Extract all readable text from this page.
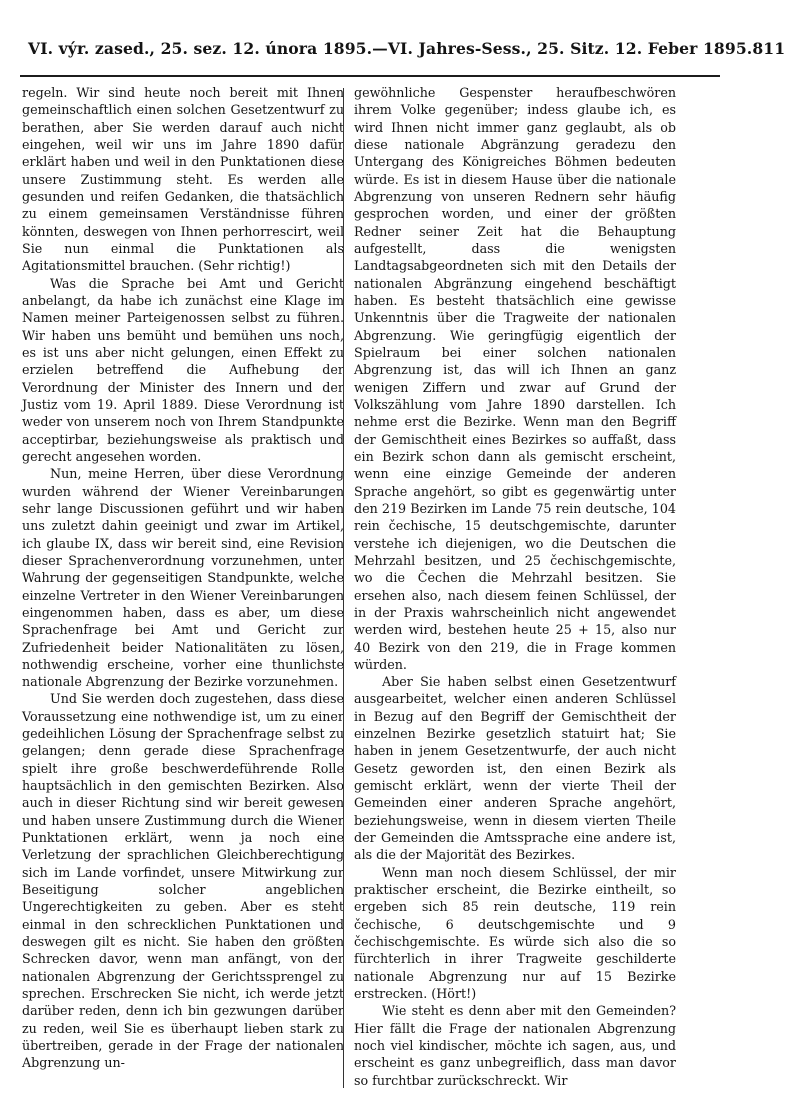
VI. výr. zased., 25. sez. 12. února 1895. — VI. Jahres-Sess., 25. Sitz. 12. Feber 1895. 811

regeln. Wir sind heute noch bereit mit Ihnen gemeinschaftlich einen solchen Gesetzentwurf zu berathen, aber Sie werden darauf auch nicht eingehen, weil wir uns im Jahre 1890 dafür erklärt haben und weil in den Punktationen diese unsere Zustimmung steht. Es werden alle gesunden und reifen Gedanken, die thatsächlich zu einem gemeinsamen Verständnisse führen könnten, deswegen von Ihnen perhorrescirt, weil Sie nun einmal die Punktationen als Agitationsmittel brauchen. (Sehr richtig!)

Was die Sprache bei Amt und Gericht anbelangt, da habe ich zunächst eine Klage im Namen meiner Parteigenossen selbst zu führen. Wir haben uns bemüht und bemühen uns noch, es ist uns aber nicht gelungen, einen Effekt zu erzielen betreffend die Aufhebung der Verordnung der Minister des Innern und der Justiz vom 19. April 1889. Diese Verordnung ist weder von unserem noch von Ihrem Standpunkte acceptirbar, beziehungsweise als praktisch und gerecht angesehen worden.

Nun, meine Herren, über diese Verordnung wurden während der Wiener Vereinbarungen sehr lange Discussionen geführt und wir haben uns zuletzt dahin geeinigt und zwar im Artikel, ich glaube IX, dass wir bereit sind, eine Revision dieser Sprachenverordnung vorzunehmen, unter Wahrung der gegenseitigen Standpunkte, welche einzelne Vertreter in den Wiener Vereinbarungen eingenommen haben, dass es aber, um diese Sprachenfrage bei Amt und Gericht zur Zufriedenheit beider Nationalitäten zu lösen, nothwendig erscheine, vorher eine thunlichste nationale Abgrenzung der Bezirke vorzunehmen.

Und Sie werden doch zugestehen, dass diese Voraussetzung eine nothwendige ist, um zu einer gedeihlichen Lösung der Sprachenfrage selbst zu gelangen; denn gerade diese Sprachenfrage spielt ihre große beschwerdeführende Rolle hauptsächlich in den gemischten Bezirken. Also auch in dieser Richtung sind wir bereit gewesen und haben unsere Zustimmung durch die Wiener Punktationen erklärt, wenn ja noch eine Verletzung der sprachlichen Gleichberechtigung sich im Lande vorfindet, unsere Mitwirkung zur Beseitigung solcher angeblichen Ungerechtigkeiten zu geben. Aber es steht einmal in den schrecklichen Punktationen und deswegen gilt es nicht. Sie haben den größten Schrecken davor, wenn man anfängt, von der nationalen Abgrenzung der Gerichtssprengel zu sprechen. Erschrecken Sie nicht, ich werde jetzt darüber reden, denn ich bin gezwungen darüber zu reden, weil Sie es überhaupt lieben stark zu übertreiben, gerade in der Frage der nationalen Abgrenzung un-

gewöhnliche Gespenster heraufbeschwören ihrem Volke gegenüber; indess glaube ich, es wird Ihnen nicht immer ganz geglaubt, als ob diese nationale Abgränzung geradezu den Untergang des Königreiches Böhmen bedeuten würde. Es ist in diesem Hause über die nationale Abgrenzung von unseren Rednern sehr häufig gesprochen worden, und einer der größten Redner seiner Zeit hat die Behauptung aufgestellt, dass die wenigsten Landtagsabgeordneten sich mit den Details der nationalen Abgränzung eingehend beschäftigt haben. Es besteht thatsächlich eine gewisse Unkenntnis über die Tragweite der nationalen Abgrenzung. Wie geringfügig eigentlich der Spielraum bei einer solchen nationalen Abgrenzung ist, das will ich Ihnen an ganz wenigen Ziffern und zwar auf Grund der Volkszählung vom Jahre 1890 darstellen. Ich nehme erst die Bezirke. Wenn man den Begriff der Gemischtheit eines Bezirkes so auffaßt, dass ein Bezirk schon dann als gemischt erscheint, wenn eine einzige Gemeinde der anderen Sprache angehört, so gibt es gegenwärtig unter den 219 Bezirken im Lande 75 rein deutsche, 104 rein čechische, 15 deutschgemischte, darunter verstehe ich diejenigen, wo die Deutschen die Mehrzahl besitzen, und 25 čechischgemischte, wo die Čechen die Mehrzahl besitzen. Sie ersehen also, nach diesem feinen Schlüssel, der in der Praxis wahrscheinlich nicht angewendet werden wird, bestehen heute 25 + 15, also nur 40 Bezirk von den 219, die in Frage kommen würden.

Aber Sie haben selbst einen Gesetzentwurf ausgearbeitet, welcher einen anderen Schlüssel in Bezug auf den Begriff der Gemischtheit der einzelnen Bezirke gesetzlich statuirt hat; Sie haben in jenem Gesetzentwurfe, der auch nicht Gesetz geworden ist, den einen Bezirk als gemischt erklärt, wenn der vierte Theil der Gemeinden einer anderen Sprache angehört, beziehungsweise, wenn in diesem vierten Theile der Gemeinden die Amtssprache eine andere ist, als die der Majorität des Bezirkes.

Wenn man noch diesem Schlüssel, der mir praktischer erscheint, die Bezirke eintheilt, so ergeben sich 85 rein deutsche, 119 rein čechische, 6 deutschgemischte und 9 čechischgemischte. Es würde sich also die so fürchterlich in ihrer Tragweite geschilderte nationale Abgrenzung nur auf 15 Bezirke erstrecken. (Hört!)

Wie steht es denn aber mit den Gemeinden? Hier fällt die Frage der nationalen Abgrenzung noch viel kindischer, möchte ich sagen, aus, und erscheint es ganz unbegreiflich, dass man davor so furchtbar zurückschreckt. Wir
